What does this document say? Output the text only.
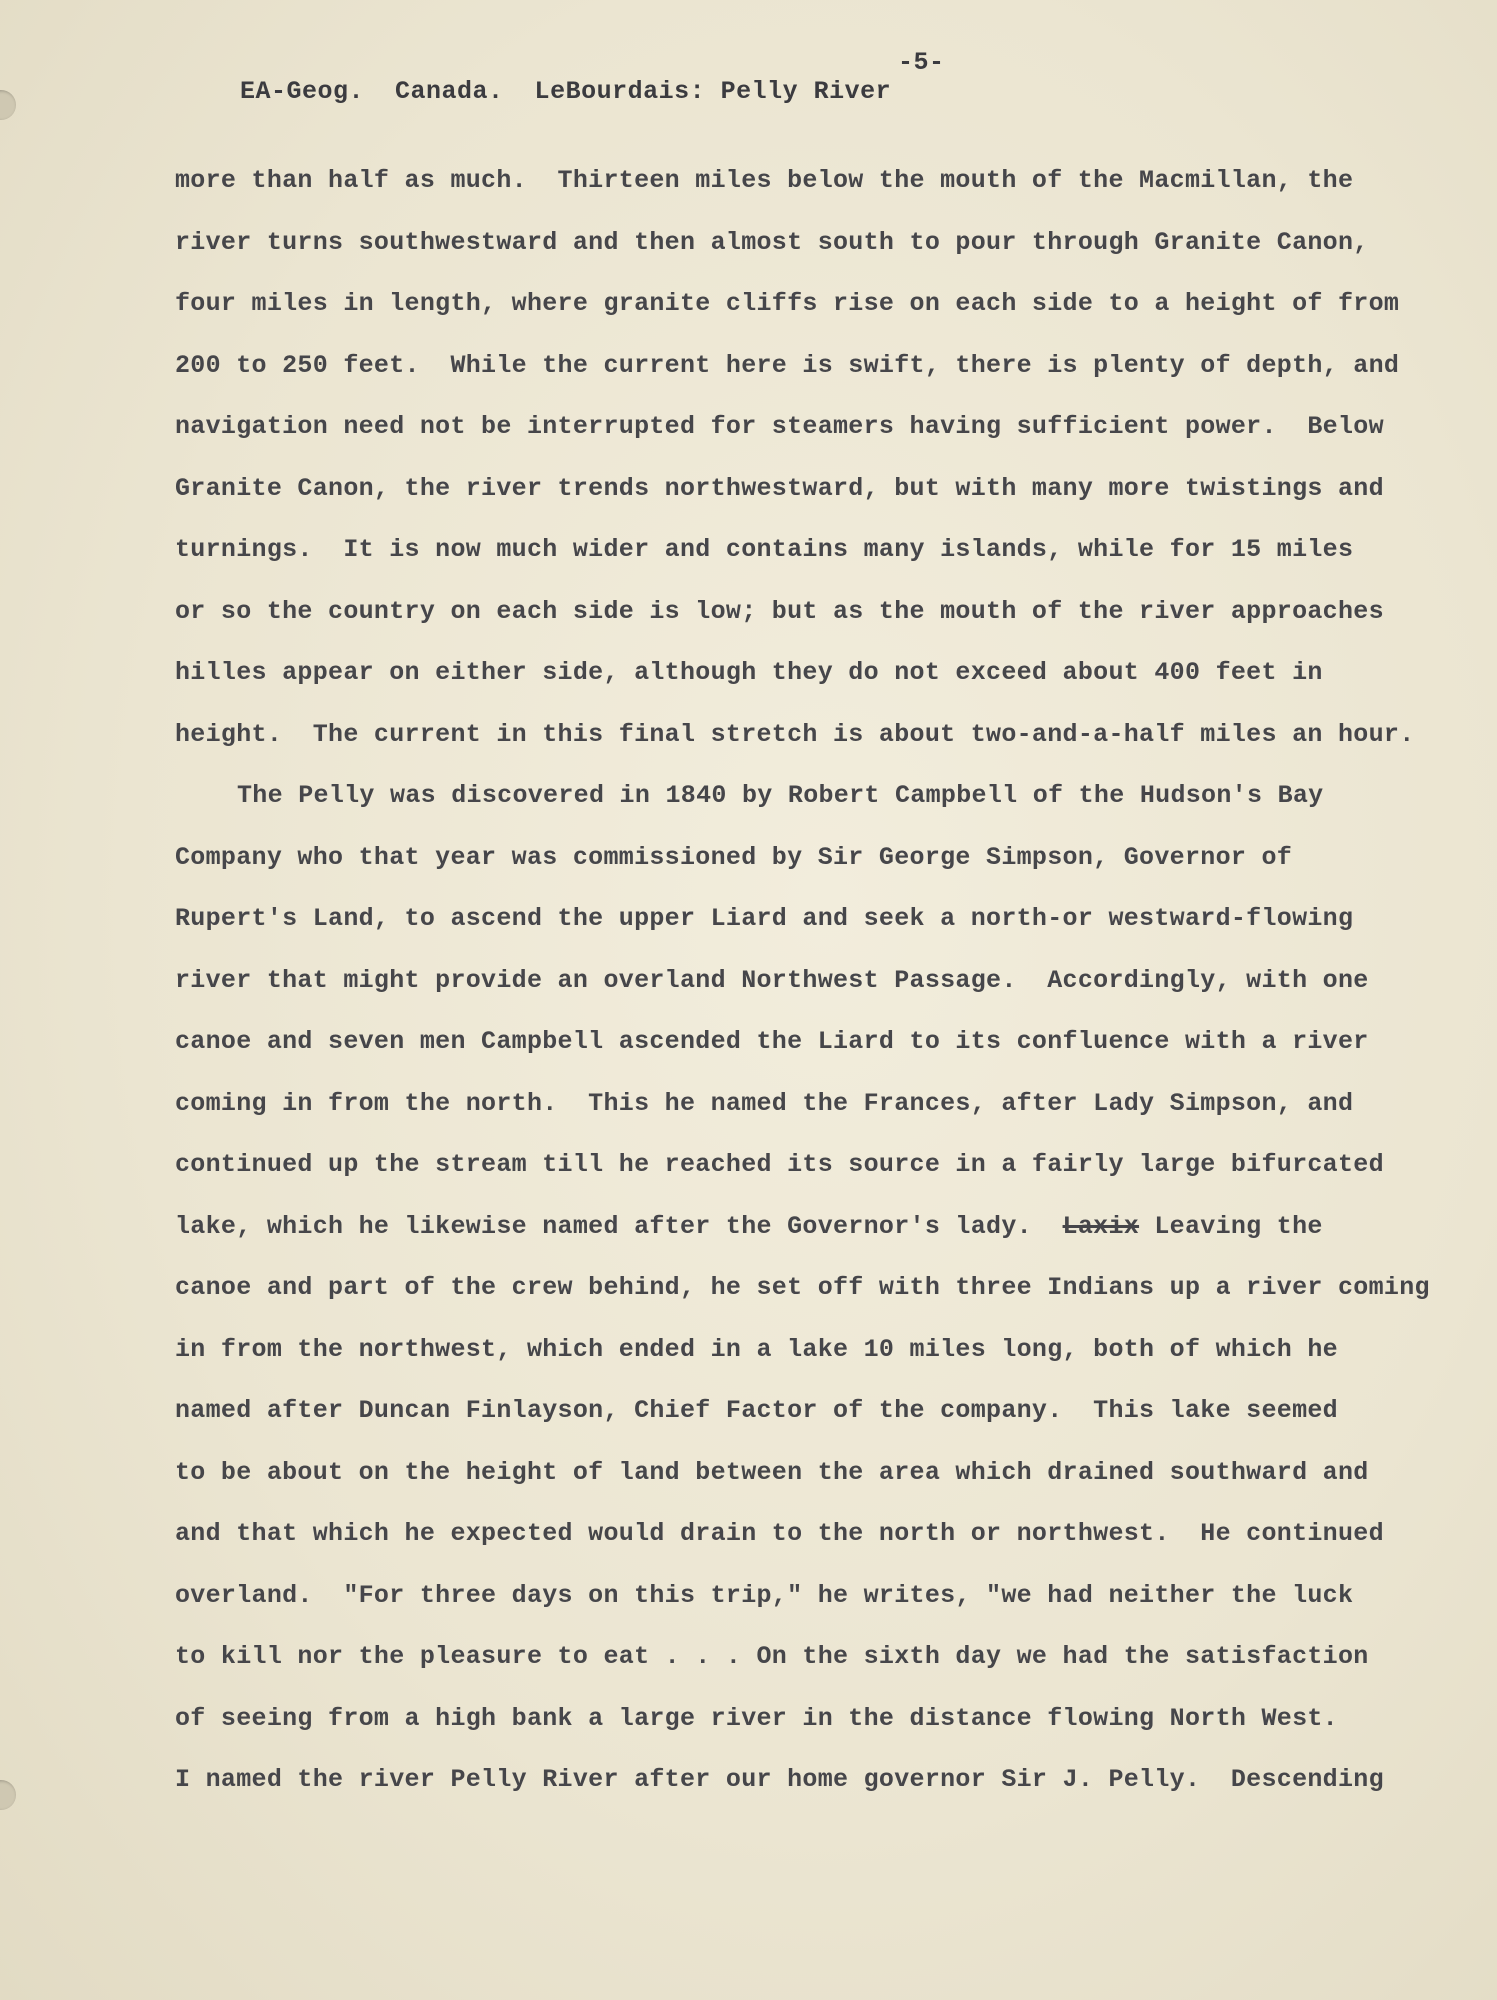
EA-Geog.  Canada.  LeBourdais: Pelly River

-5-

more than half as much.  Thirteen miles below the mouth of the Macmillan, the
river turns southwestward and then almost south to pour through Granite Canon,
four miles in length, where granite cliffs rise on each side to a height of from
200 to 250 feet.  While the current here is swift, there is plenty of depth, and
navigation need not be interrupted for steamers having sufficient power.  Below
Granite Canon, the river trends northwestward, but with many more twistings and
turnings.  It is now much wider and contains many islands, while for 15 miles
or so the country on each side is low; but as the mouth of the river approaches
hilles appear on either side, although they do not exceed about 400 feet in
height.  The current in this final stretch is about two-and-a-half miles an hour.
The Pelly was discovered in 1840 by Robert Campbell of the Hudson's Bay
Company who that year was commissioned by Sir George Simpson, Governor of
Rupert's Land, to ascend the upper Liard and seek a north-or westward-flowing
river that might provide an overland Northwest Passage.  Accordingly, with one
canoe and seven men Campbell ascended the Liard to its confluence with a river
coming in from the north.  This he named the Frances, after Lady Simpson, and
continued up the stream till he reached its source in a fairly large bifurcated
lake, which he likewise named after the Governor's lady.  Laxix Leaving the
canoe and part of the crew behind, he set off with three Indians up a river coming
in from the northwest, which ended in a lake 10 miles long, both of which he
named after Duncan Finlayson, Chief Factor of the company.  This lake seemed
to be about on the height of land between the area which drained southward and
and that which he expected would drain to the north or northwest.  He continued
overland.  "For three days on this trip," he writes, "we had neither the luck
to kill nor the pleasure to eat . . . On the sixth day we had the satisfaction
of seeing from a high bank a large river in the distance flowing North West.
I named the river Pelly River after our home governor Sir J. Pelly.  Descending
